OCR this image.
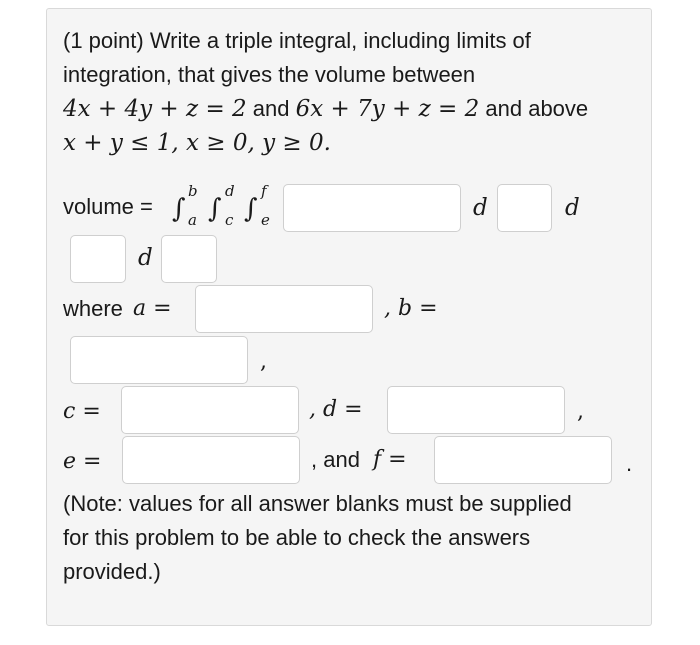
(1 point) Write a triple integral, including limits of
integration, that gives the volume between
4x + 4y + z = 2 and 6x + 7y + z = 2 and above
x + y ≤ 1, x ≥ 0, y ≥ 0.
volume = ∫
b
a ∫
d
c ∫
f
e	d	d
d
where a =	, b =
,
c =	, d =	,
e =	, and f =	.
(Note: values for all answer blanks must be supplied
for this problem to be able to check the answers
provided.)
